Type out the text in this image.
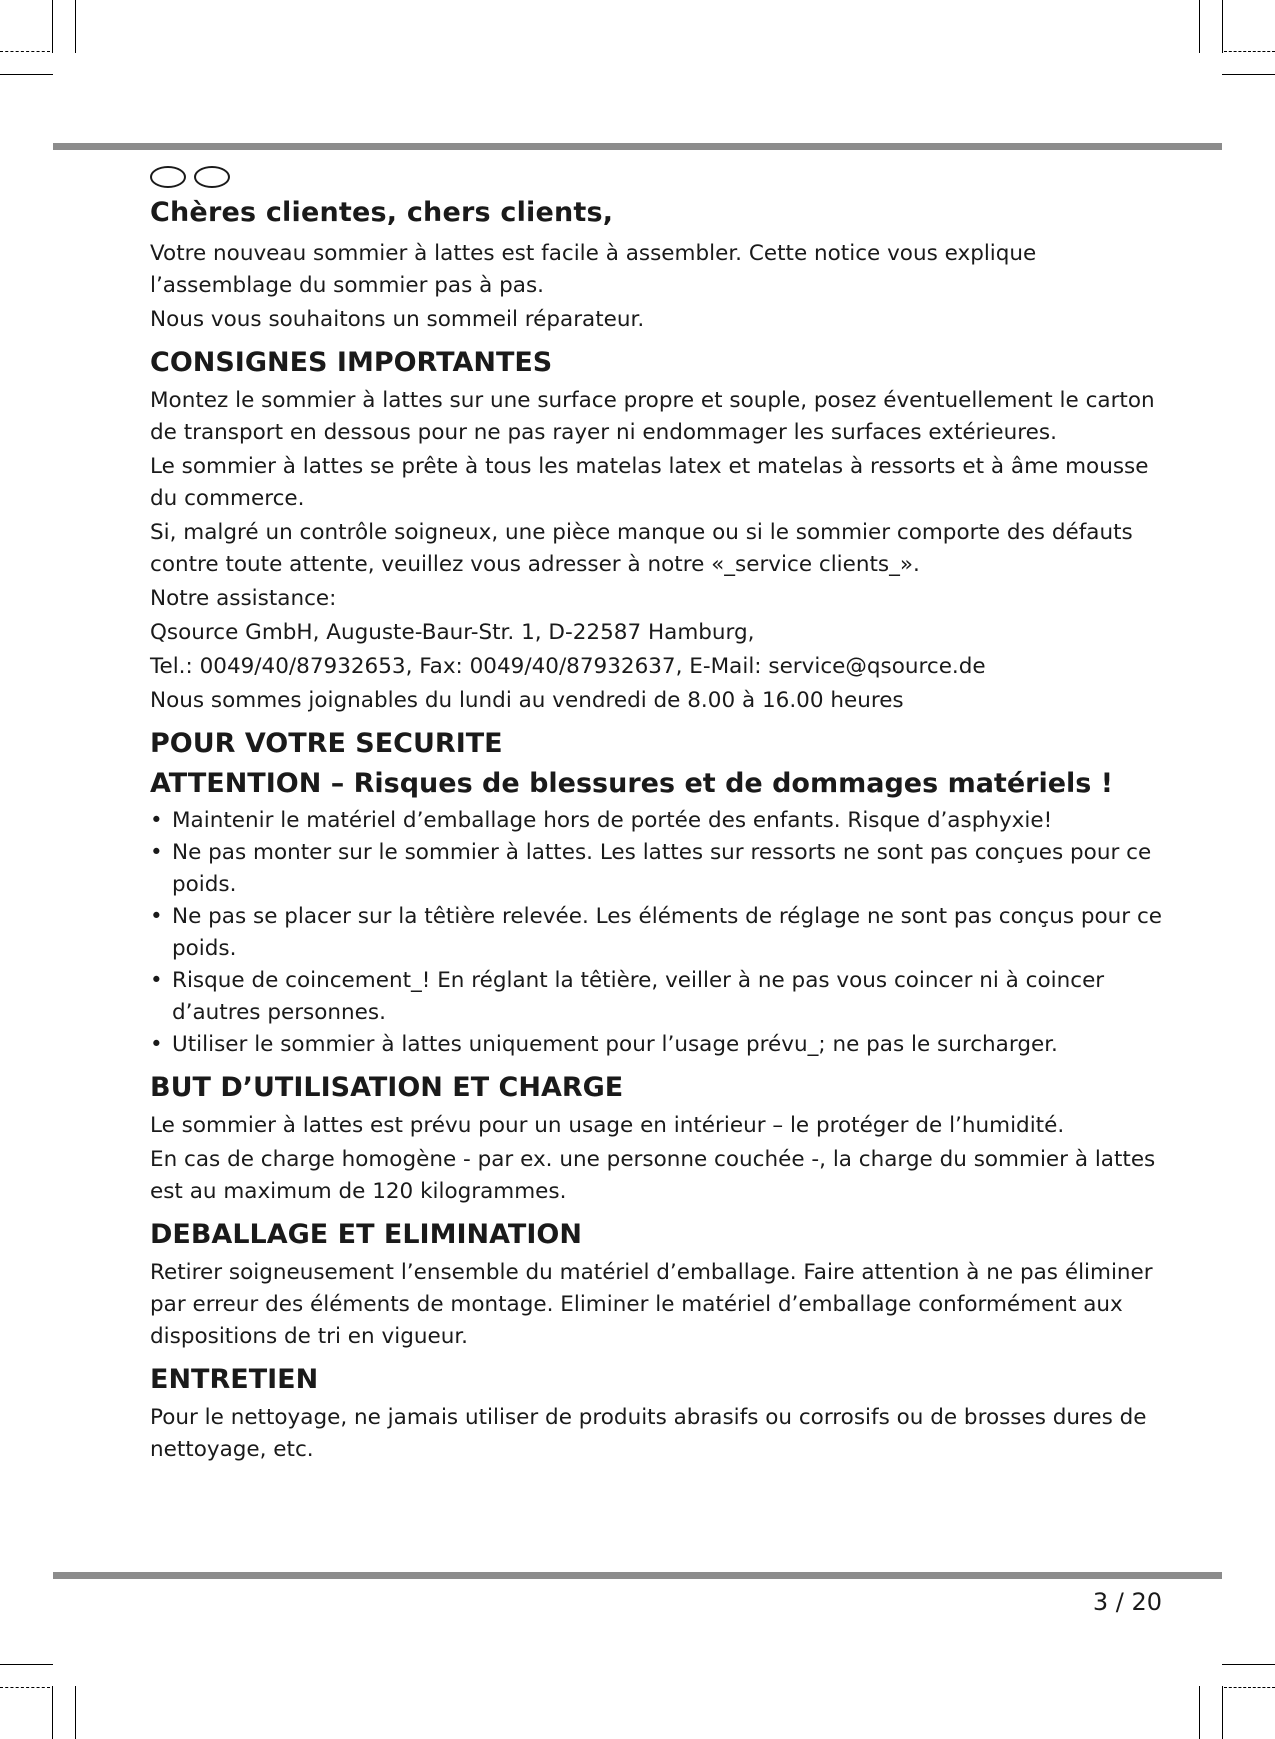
Chères clientes, chers clients,

Votre nouveau sommier à lattes est facile à assembler. Cette notice vous explique l’assemblage du sommier pas à pas.

Nous vous souhaitons un sommeil réparateur.

CONSIGNES IMPORTANTES

Montez le sommier à lattes sur une surface propre et souple, posez éventuellement le carton de transport en dessous pour ne pas rayer ni endommager les surfaces extérieures.

Le sommier à lattes se prête à tous les matelas latex et matelas à ressorts et à âme mousse du commerce.

Si, malgré un contrôle soigneux, une pièce manque ou si le sommier comporte des défauts contre toute attente, veuillez vous adresser à notre «_service clients_».

Notre assistance:

Qsource GmbH, Auguste-Baur-Str. 1, D-22587 Hamburg,

Tel.: 0049/40/87932653, Fax: 0049/40/87932637, E-Mail: service@qsource.de

Nous sommes joignables du lundi au vendredi de 8.00 à 16.00 heures

POUR VOTRE SECURITE
ATTENTION – Risques de blessures et de dommages matériels !
• Maintenir le matériel d’emballage hors de portée des enfants. Risque d’asphyxie!
• Ne pas monter sur le sommier à lattes. Les lattes sur ressorts ne sont pas conçues pour ce poids.
• Ne pas se placer sur la têtière relevée. Les éléments de réglage ne sont pas conçus pour ce poids.
• Risque de coincement_! En réglant la têtière, veiller à ne pas vous coincer ni à coincer d’autres personnes.
• Utiliser le sommier à lattes uniquement pour l’usage prévu_; ne pas le surcharger.
BUT D’UTILISATION ET CHARGE

Le sommier à lattes est prévu pour un usage en intérieur – le protéger de l’humidité.

En cas de charge homogène - par ex. une personne couchée -, la charge du sommier à lattes est au maximum de 120 kilogrammes.

DEBALLAGE ET ELIMINATION

Retirer soigneusement l’ensemble du matériel d’emballage. Faire attention à ne pas éliminer par erreur des éléments de montage. Eliminer le matériel d’emballage conformément aux dispositions de tri en vigueur.

ENTRETIEN

Pour le nettoyage, ne jamais utiliser de produits abrasifs ou corrosifs ou de brosses dures de nettoyage, etc.

3 / 20
